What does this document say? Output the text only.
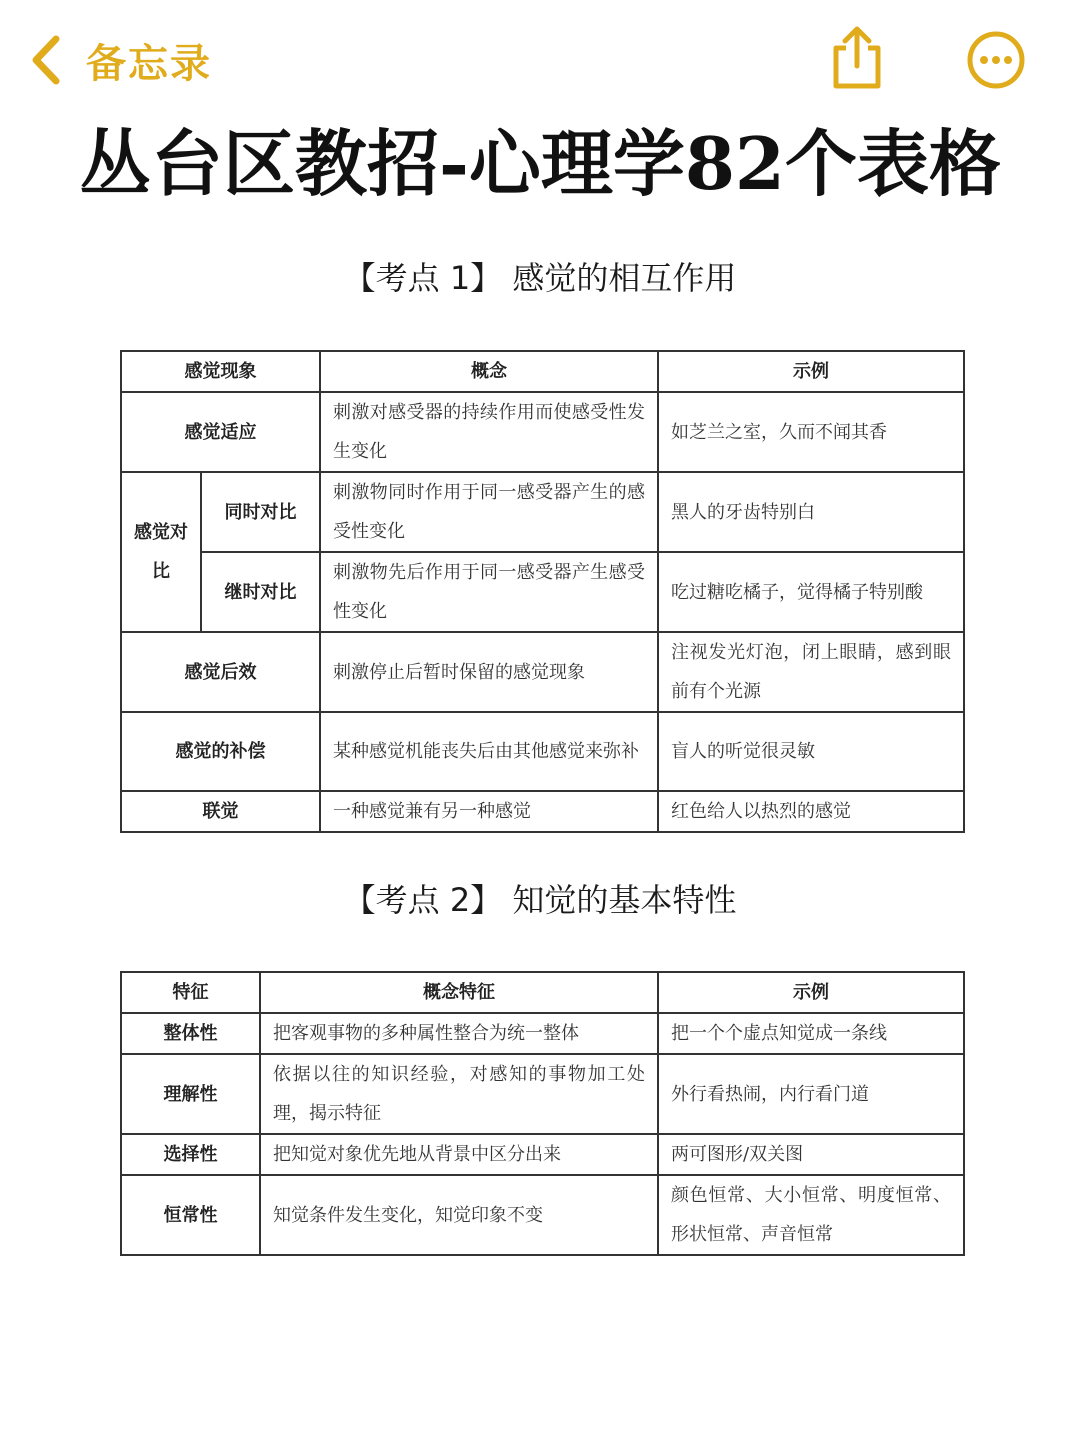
备忘录
丛台区教招-心理学82个表格
【考点 1】 感觉的相互作用
感觉现象		概念	示例
感觉适应		刺激对感受器的持续作用而使感受性发生变化	如芝兰之室，久而不闻其香
感觉对比	同时对比	刺激物同时作用于同一感受器产生的感受性变化	黑人的牙齿特别白
	继时对比	刺激物先后作用于同一感受器产生感受性变化	吃过糖吃橘子，觉得橘子特别酸
感觉后效		刺激停止后暂时保留的感觉现象	注视发光灯泡，闭上眼睛，感到眼前有个光源
感觉的补偿		某种感觉机能丧失后由其他感觉来弥补	盲人的听觉很灵敏
联觉		一种感觉兼有另一种感觉	红色给人以热烈的感觉
【考点 2】 知觉的基本特性
特征	概念特征	示例
整体性	把客观事物的多种属性整合为统一整体	把一个个虚点知觉成一条线
理解性	依据以往的知识经验，对感知的事物加工处理，揭示特征	外行看热闹，内行看门道
选择性	把知觉对象优先地从背景中区分出来	两可图形/双关图
恒常性	知觉条件发生变化，知觉印象不变	颜色恒常、大小恒常、明度恒常、形状恒常、声音恒常
